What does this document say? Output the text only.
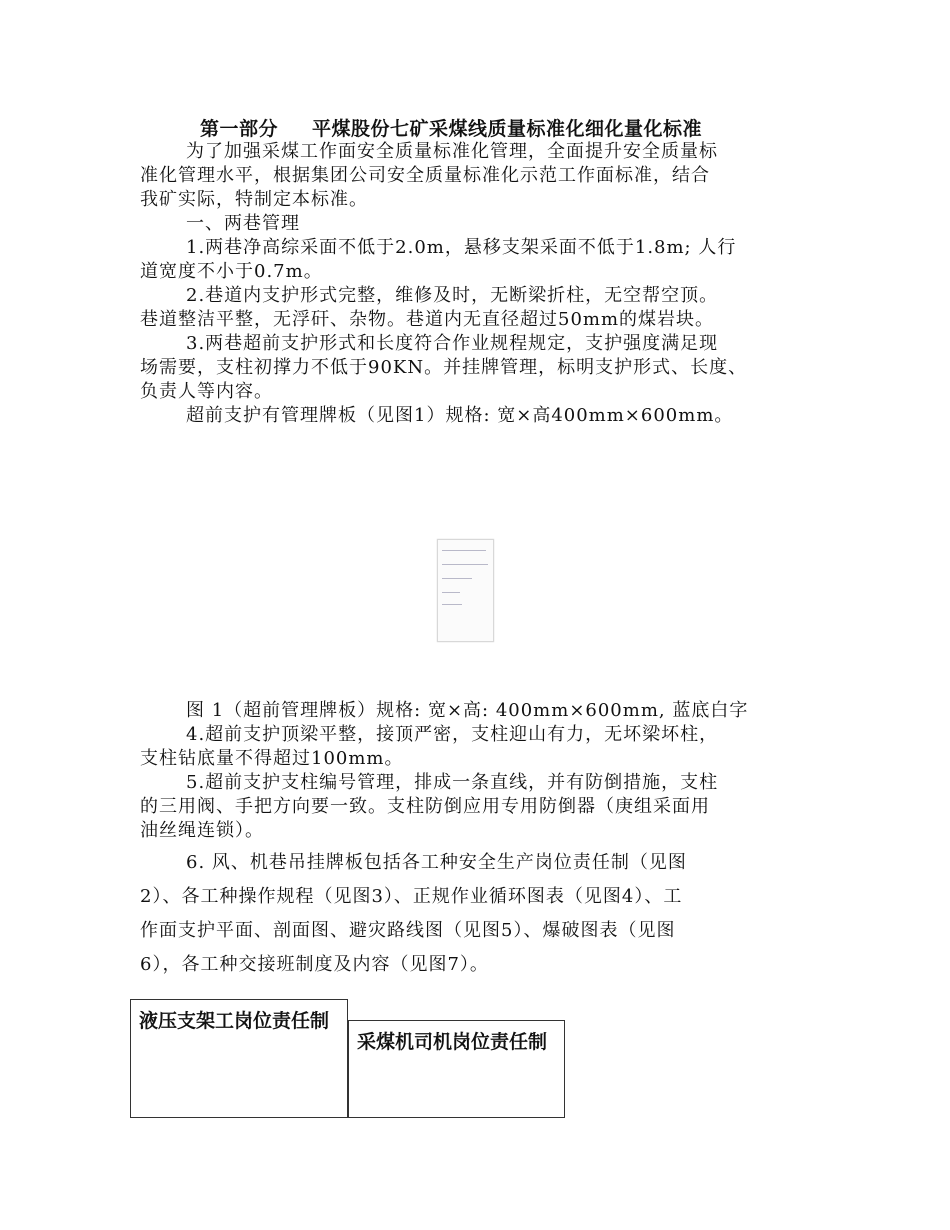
第一部分 平煤股份七矿采煤线质量标准化细化量化标准
为了加强采煤工作面安全质量标准化管理，全面提升安全质量标
准化管理水平，根据集团公司安全质量标准化示范工作面标准，结合
我矿实际，特制定本标准。
一、两巷管理
1.两巷净高综采面不低于2.0m，悬移支架采面不低于1.8m; 人行
道宽度不小于0.7m。
2.巷道内支护形式完整，维修及时，无断梁折柱，无空帮空顶。
巷道整洁平整，无浮矸、杂物。巷道内无直径超过50mm的煤岩块。
3.两巷超前支护形式和长度符合作业规程规定，支护强度满足现
场需要，支柱初撑力不低于90KN。并挂牌管理，标明支护形式、长度、
负责人等内容。
超前支护有管理牌板（见图1）规格: 宽×高400mm×600mm。
图 1（超前管理牌板）规格: 宽×高: 400mm×600mm, 蓝底白字
4.超前支护顶梁平整，接顶严密，支柱迎山有力，无坏梁坏柱，
支柱钻底量不得超过100mm。
5.超前支护支柱编号管理，排成一条直线，并有防倒措施，支柱
的三用阀、手把方向要一致。支柱防倒应用专用防倒器（庚组采面用
油丝绳连锁）。
6. 风、机巷吊挂牌板包括各工种安全生产岗位责任制（见图
2）、各工种操作规程（见图3）、正规作业循环图表（见图4）、工
作面支护平面、剖面图、避灾路线图（见图5）、爆破图表（见图
6），各工种交接班制度及内容（见图7）。
液压支架工岗位责任制
采煤机司机岗位责任制
